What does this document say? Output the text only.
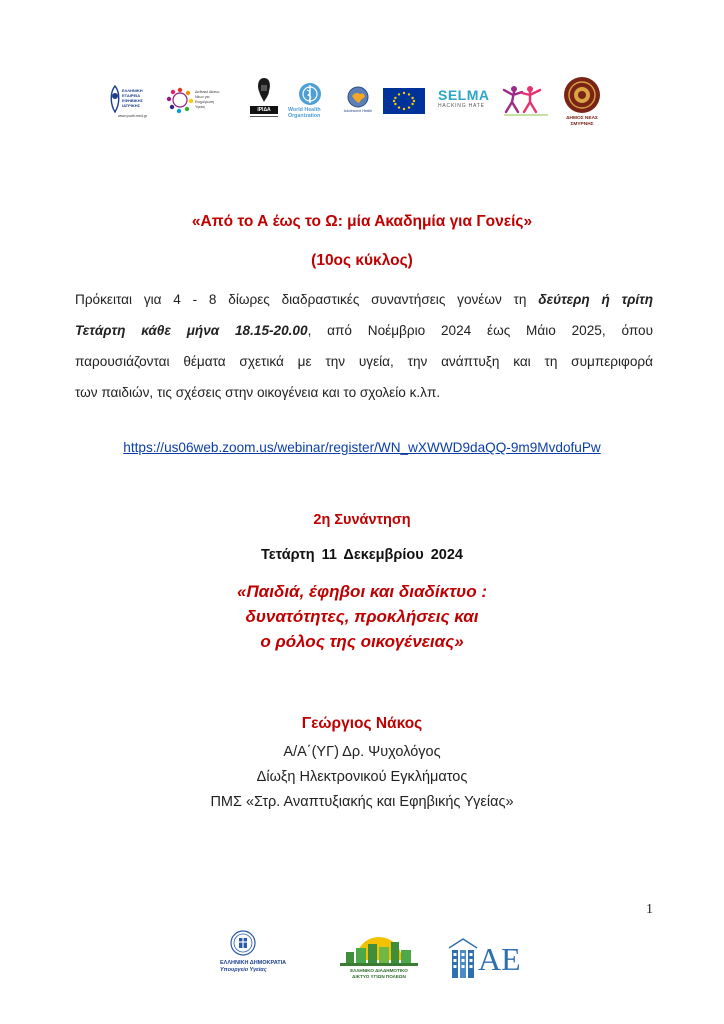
ΕΛΛΗΝΙΚΗ
ΕΤΑΙΡΕΙΑ
ΕΦΗΒΙΚΗΣ
ΙΑΤΡΙΚΗΣ
www.youth-med.gr
Διεθνικό Δίκτυο Νέων για Ενημέρωση Υγείας	ΙΡΙΔΑ	World Health
Organization
Adolescent Health
SELMA
HACKING HATE
ΔΗΜΟΣ ΝΕΑΣ ΣΜΥΡΝΗΣ
«Από το Α έως το Ω: μία Ακαδημία για Γονείς»
(10ος κύκλος)

Πρόκειται για 4 - 8 δίωρες διαδραστικές συναντήσεις γονέων τη δεύτερη ή τρίτη

Τετάρτη κάθε μήνα 18.15-20.00, από Νοέμβριο 2024 έως Μάιο 2025, όπου

παρουσιάζονται θέματα σχετικά με την υγεία, την ανάπτυξη και τη συμπεριφορά

των παιδιών, τις σχέσεις στην οικογένεια και το σχολείο κ.λπ.

https://us06web.zoom.us/webinar/register/WN_wXWWD9daQQ-9m9MvdofuPw
2η Συνάντηση
Τετάρτη 11 Δεκεμβρίου 2024
«Παιδιά, έφηβοι και διαδίκτυο :
δυνατότητες, προκλήσεις και
ο ρόλος της οικογένειας»
Γεώργιος Νάκος
Α/Α΄(ΥΓ) Δρ. Ψυχολόγος
Δίωξη Ηλεκτρονικού Εγκλήματος
ΠΜΣ «Στρ. Αναπτυξιακής και Εφηβικής Υγείας»
1
ΕΛΛΗΝΙΚΗ ΔΗΜΟΚΡΑΤΙΑ
Υπουργείο Υγείας	ΕΛΛΗΝΙΚΟ ΔΙΑΔΗΜΟΤΙΚΟ
ΔΙΚΤΥΟ ΥΓΙΩΝ ΠΟΛΕΩΝ	ΑΕ
